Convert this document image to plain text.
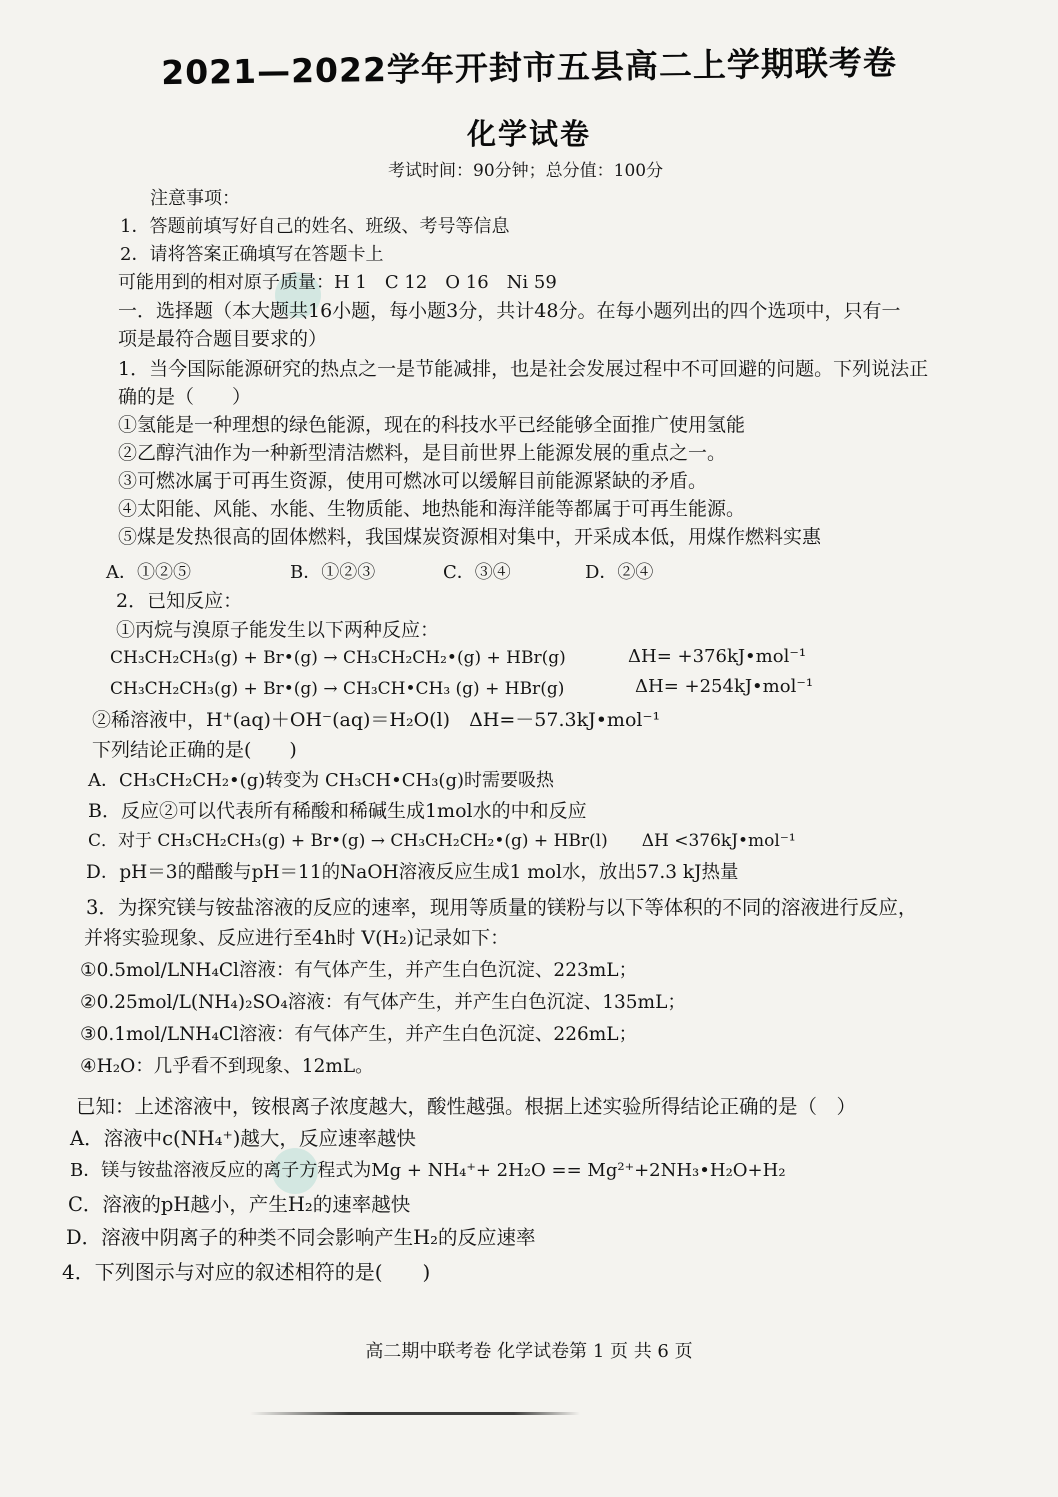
2021—2022学年开封市五县高二上学期联考卷
化学试卷
考试时间：90分钟；总分值：100分
注意事项：
1．答题前填写好自己的姓名、班级、考号等信息
2．请将答案正确填写在答题卡上
可能用到的相对原子质量：H 1　C 12　O 16　Ni 59
一．选择题（本大题共16小题，每小题3分，共计48分。在每小题列出的四个选项中，只有一
项是最符合题目要求的）
1．当今国际能源研究的热点之一是节能减排，也是社会发展过程中不可回避的问题。下列说法正
确的是（　　）
①氢能是一种理想的绿色能源，现在的科技水平已经能够全面推广使用氢能
②乙醇汽油作为一种新型清洁燃料，是目前世界上能源发展的重点之一。
③可燃冰属于可再生资源，使用可燃冰可以缓解目前能源紧缺的矛盾。
④太阳能、风能、水能、生物质能、地热能和海洋能等都属于可再生能源。
⑤煤是发热很高的固体燃料，我国煤炭资源相对集中，开采成本低，用煤作燃料实惠
A．①②⑤	B．①②③	C．③④	D．②④
2．已知反应：
①丙烷与溴原子能发生以下两种反应：
CH₃CH₂CH₃(g) + Br•(g) → CH₃CH₂CH₂•(g) + HBr(g)	ΔH= +376kJ•mol⁻¹
CH₃CH₂CH₃(g) + Br•(g) → CH₃CH•CH₃ (g) + HBr(g)	ΔH= +254kJ•mol⁻¹
②稀溶液中，H⁺(aq)＋OH⁻(aq)＝H₂O(l)　ΔH=－57.3kJ•mol⁻¹
下列结论正确的是(　　)
A．CH₃CH₂CH₂•(g)转变为 CH₃CH•CH₃(g)时需要吸热
B．反应②可以代表所有稀酸和稀碱生成1mol水的中和反应
C．对于 CH₃CH₂CH₃(g) + Br•(g) → CH₃CH₂CH₂•(g) + HBr(l)　　ΔH <376kJ•mol⁻¹
D．pH＝3的醋酸与pH＝11的NaOH溶液反应生成1 mol水，放出57.3 kJ热量
3．为探究镁与铵盐溶液的反应的速率，现用等质量的镁粉与以下等体积的不同的溶液进行反应，
并将实验现象、反应进行至4h时 V(H₂)记录如下：
①0.5mol/LNH₄Cl溶液：有气体产生，并产生白色沉淀、223mL；
②0.25mol/L(NH₄)₂SO₄溶液：有气体产生，并产生白色沉淀、135mL；
③0.1mol/LNH₄Cl溶液：有气体产生，并产生白色沉淀、226mL；
④H₂O：几乎看不到现象、12mL。
已知：上述溶液中，铵根离子浓度越大，酸性越强。根据上述实验所得结论正确的是（　）
A．溶液中c(NH₄⁺)越大，反应速率越快
B．镁与铵盐溶液反应的离子方程式为Mg + NH₄⁺+ 2H₂O == Mg²⁺+2NH₃•H₂O+H₂
C．溶液的pH越小，产生H₂的速率越快
D．溶液中阴离子的种类不同会影响产生H₂的反应速率
4．下列图示与对应的叙述相符的是(　　)
高二期中联考卷 化学试卷第 1 页 共 6 页
